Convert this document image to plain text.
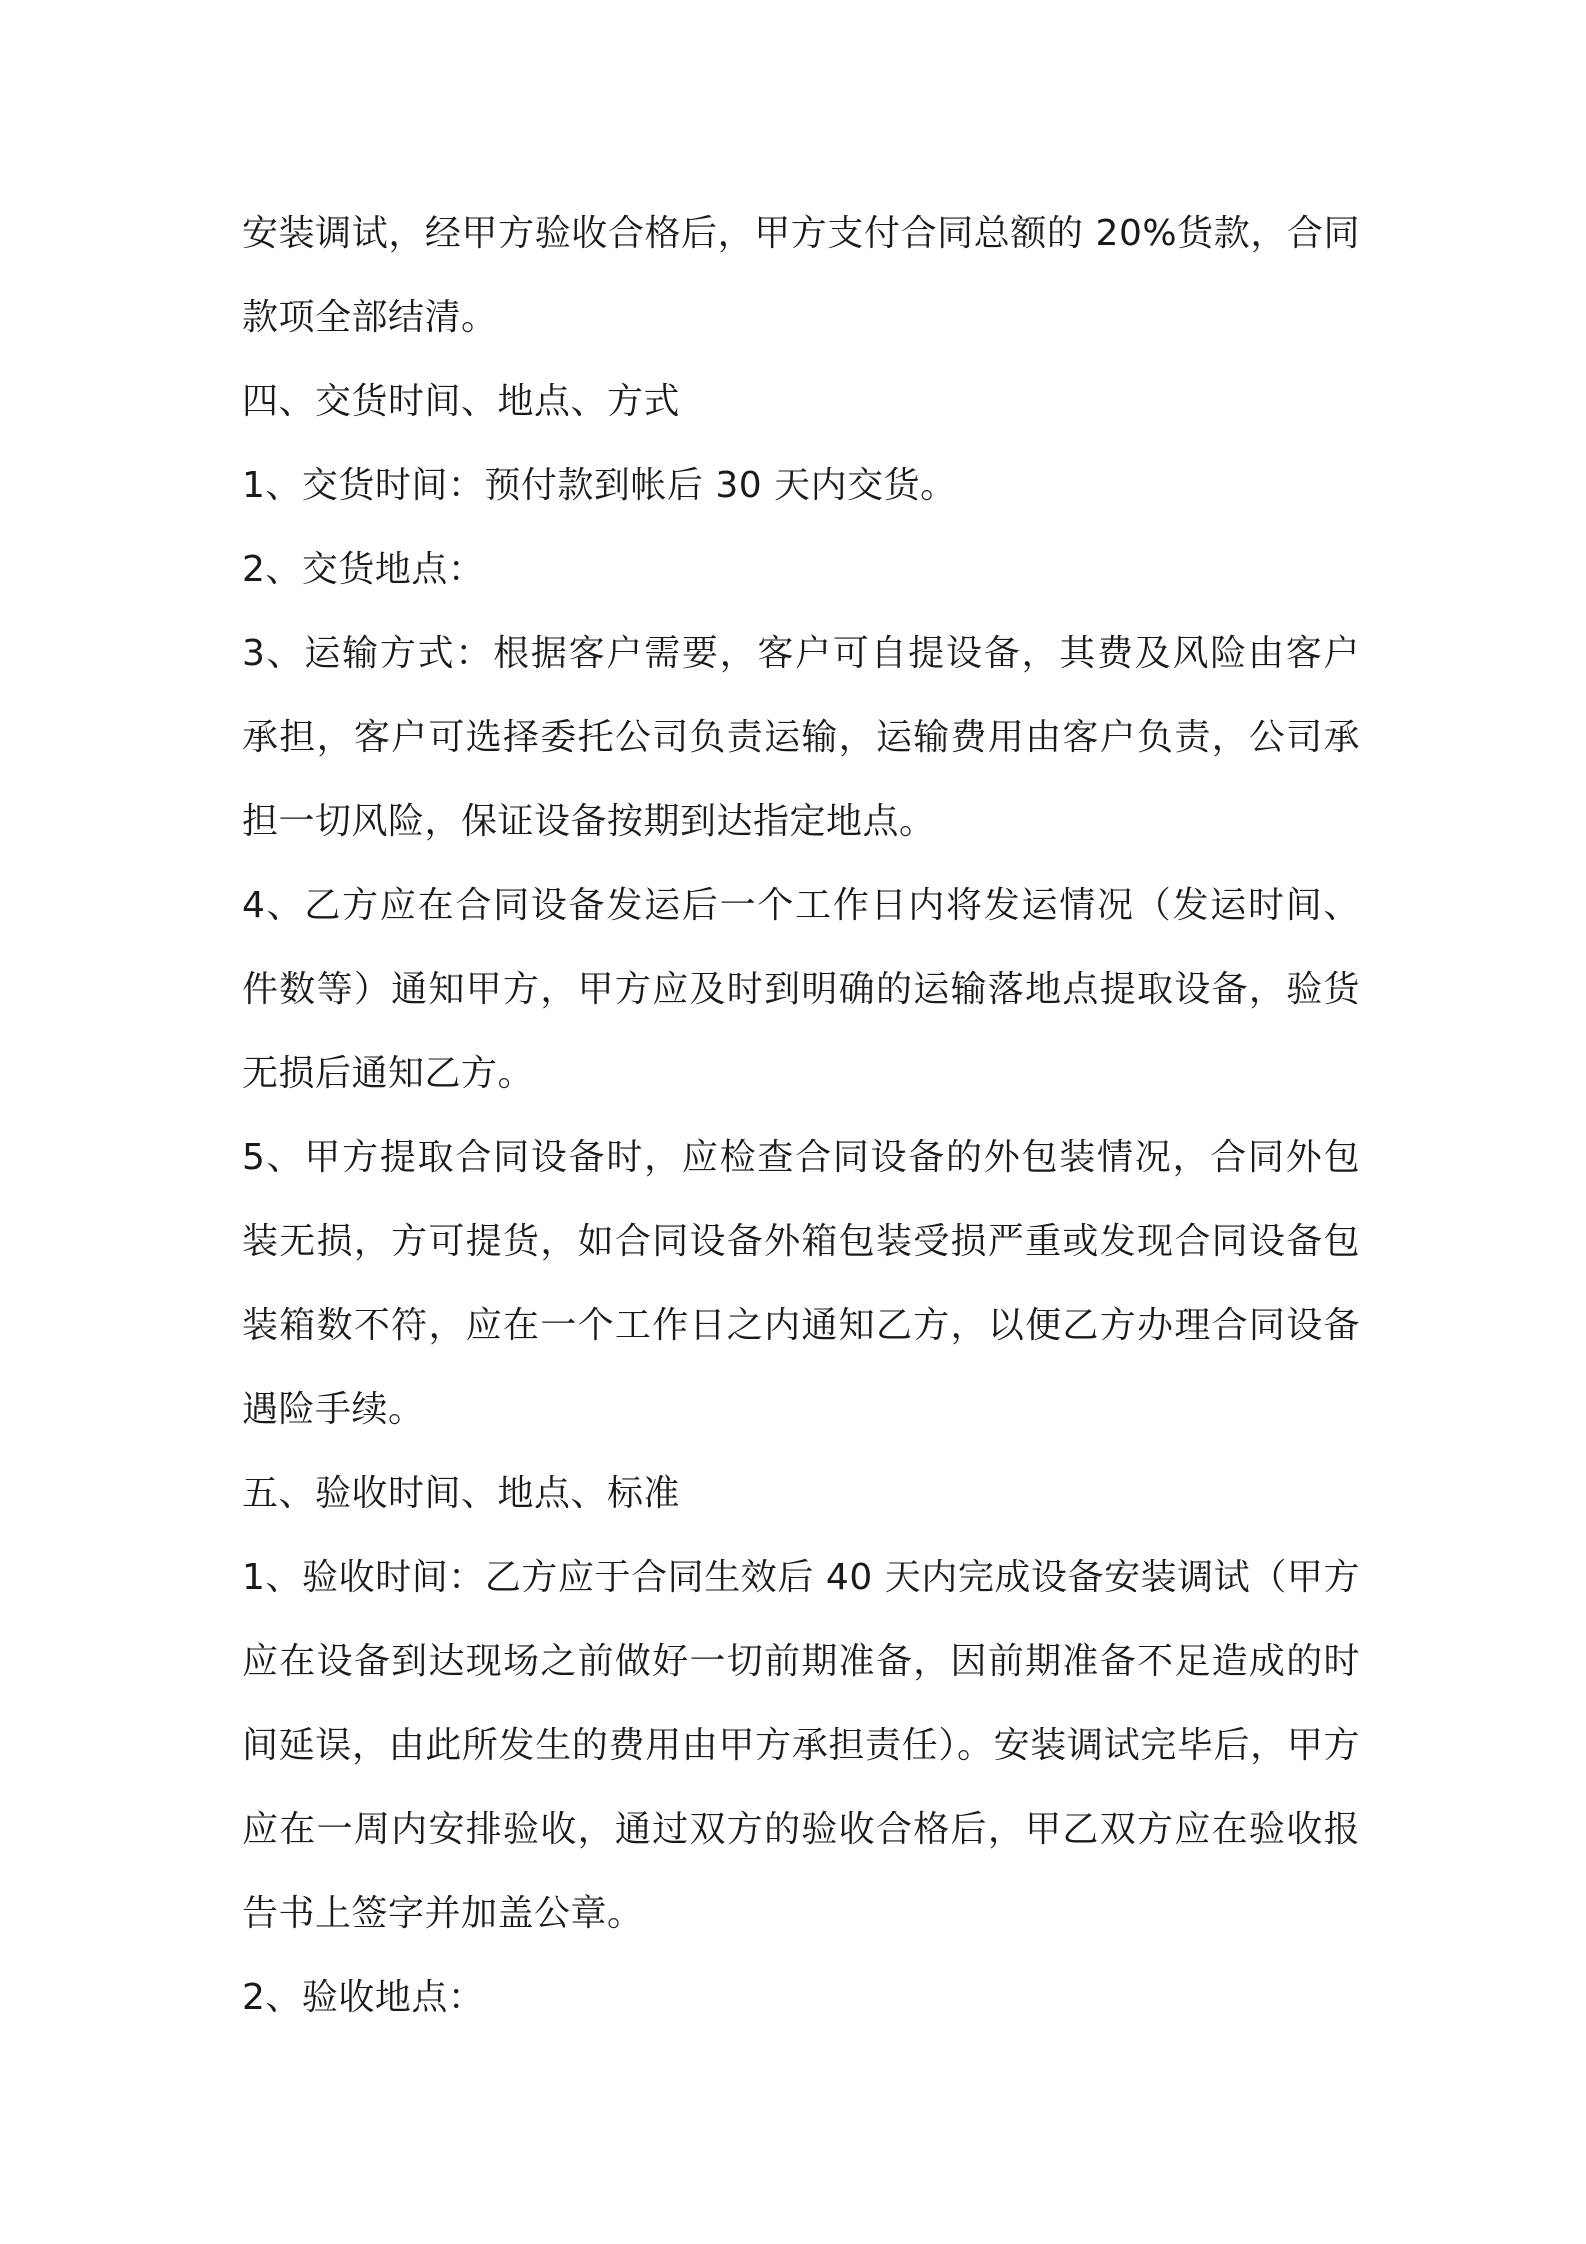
安装调试，经甲方验收合格后，甲方支付合同总额的 20%货款，合同款项全部结清。

四、交货时间、地点、方式

1、交货时间：预付款到帐后 30 天内交货。

2、交货地点：

3、运输方式：根据客户需要，客户可自提设备，其费及风险由客户承担，客户可选择委托公司负责运输，运输费用由客户负责，公司承担一切风险，保证设备按期到达指定地点。

4、乙方应在合同设备发运后一个工作日内将发运情况（发运时间、件数等）通知甲方，甲方应及时到明确的运输落地点提取设备，验货无损后通知乙方。

5、甲方提取合同设备时，应检查合同设备的外包装情况，合同外包装无损，方可提货，如合同设备外箱包装受损严重或发现合同设备包装箱数不符，应在一个工作日之内通知乙方，以便乙方办理合同设备遇险手续。

五、验收时间、地点、标准

1、验收时间：乙方应于合同生效后 40 天内完成设备安装调试（甲方应在设备到达现场之前做好一切前期准备，因前期准备不足造成的时间延误，由此所发生的费用由甲方承担责任）。安装调试完毕后，甲方应在一周内安排验收，通过双方的验收合格后，甲乙双方应在验收报告书上签字并加盖公章。

2、验收地点：
